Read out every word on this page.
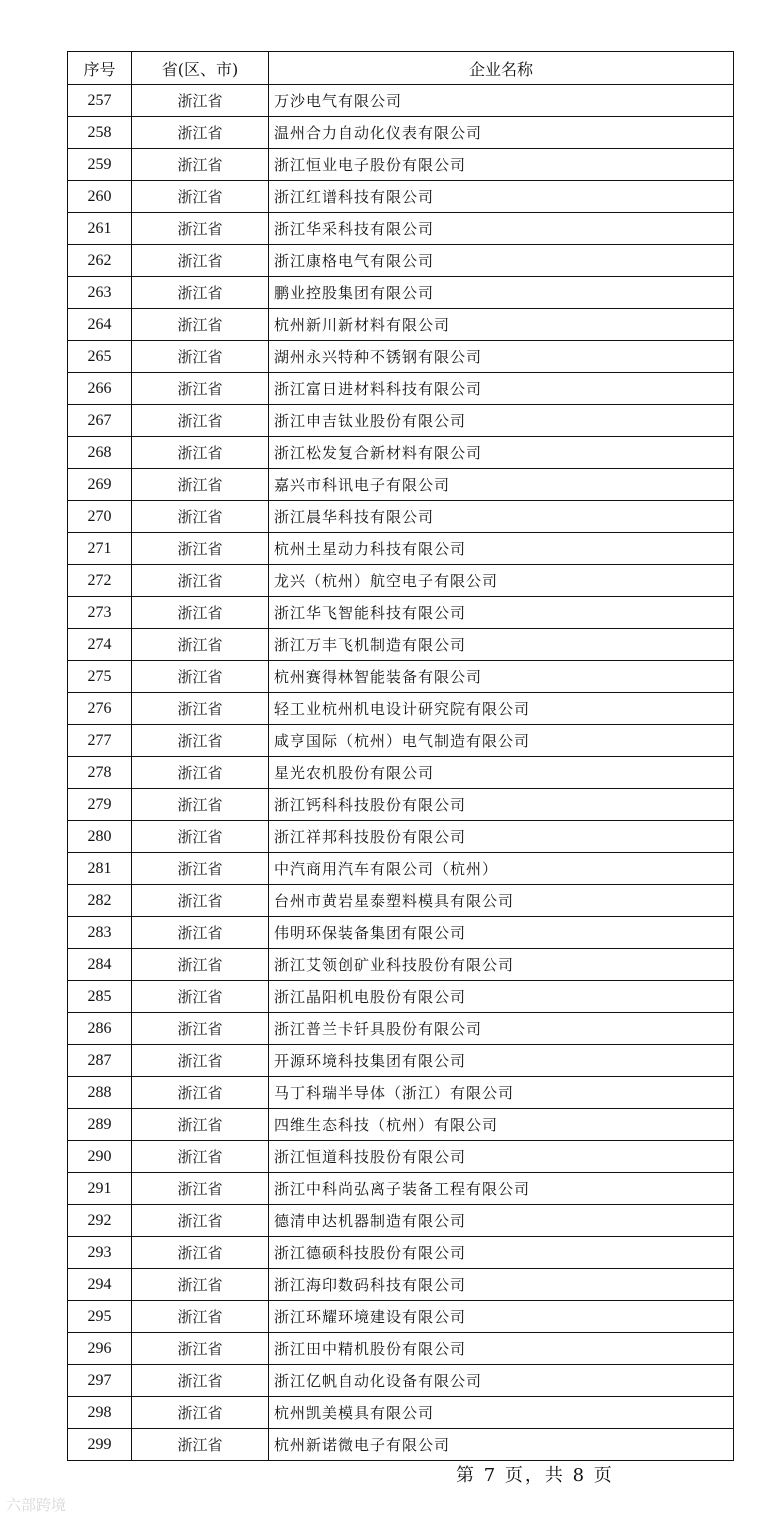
序号	省(区、市)	企业名称
257	浙江省	万沙电气有限公司
258	浙江省	温州合力自动化仪表有限公司
259	浙江省	浙江恒业电子股份有限公司
260	浙江省	浙江红谱科技有限公司
261	浙江省	浙江华采科技有限公司
262	浙江省	浙江康格电气有限公司
263	浙江省	鹏业控股集团有限公司
264	浙江省	杭州新川新材料有限公司
265	浙江省	湖州永兴特种不锈钢有限公司
266	浙江省	浙江富日进材料科技有限公司
267	浙江省	浙江申吉钛业股份有限公司
268	浙江省	浙江松发复合新材料有限公司
269	浙江省	嘉兴市科讯电子有限公司
270	浙江省	浙江晨华科技有限公司
271	浙江省	杭州土星动力科技有限公司
272	浙江省	龙兴（杭州）航空电子有限公司
273	浙江省	浙江华飞智能科技有限公司
274	浙江省	浙江万丰飞机制造有限公司
275	浙江省	杭州赛得林智能装备有限公司
276	浙江省	轻工业杭州机电设计研究院有限公司
277	浙江省	咸亨国际（杭州）电气制造有限公司
278	浙江省	星光农机股份有限公司
279	浙江省	浙江钙科科技股份有限公司
280	浙江省	浙江祥邦科技股份有限公司
281	浙江省	中汽商用汽车有限公司（杭州）
282	浙江省	台州市黄岩星泰塑料模具有限公司
283	浙江省	伟明环保装备集团有限公司
284	浙江省	浙江艾领创矿业科技股份有限公司
285	浙江省	浙江晶阳机电股份有限公司
286	浙江省	浙江普兰卡钎具股份有限公司
287	浙江省	开源环境科技集团有限公司
288	浙江省	马丁科瑞半导体（浙江）有限公司
289	浙江省	四维生态科技（杭州）有限公司
290	浙江省	浙江恒道科技股份有限公司
291	浙江省	浙江中科尚弘离子装备工程有限公司
292	浙江省	德清申达机器制造有限公司
293	浙江省	浙江德硕科技股份有限公司
294	浙江省	浙江海印数码科技有限公司
295	浙江省	浙江环耀环境建设有限公司
296	浙江省	浙江田中精机股份有限公司
297	浙江省	浙江亿帆自动化设备有限公司
298	浙江省	杭州凯美模具有限公司
299	浙江省	杭州新诺微电子有限公司
第 7 页，共 8 页
六部跨境
